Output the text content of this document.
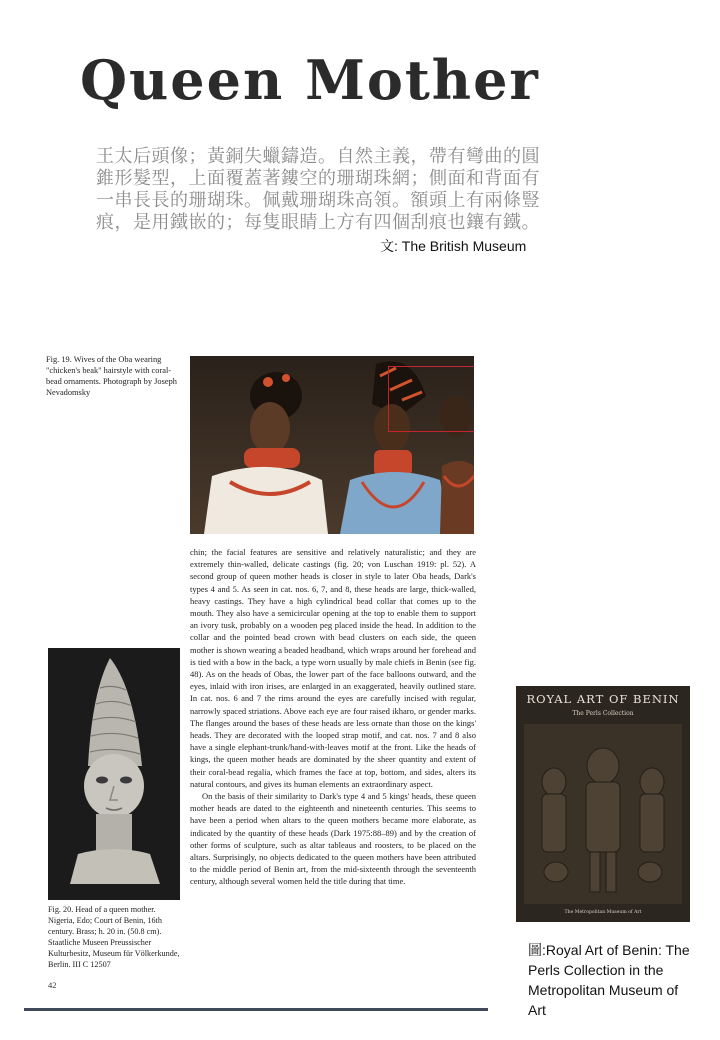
Queen Mother
王太后頭像；黃銅失蠟鑄造。自然主義，帶有彎曲的圓錐形髮型，上面覆蓋著鏤空的珊瑚珠網；側面和背面有一串長長的珊瑚珠。佩戴珊瑚珠高領。額頭上有兩條豎痕，是用鐵嵌的；每隻眼睛上方有四個刮痕也鑲有鐵。
文: The British Museum
Fig. 19. Wives of the Oba wearing "chicken's beak" hairstyle with coral-bead ornaments. Photograph by Joseph Nevadomsky

chin; the facial features are sensitive and relatively naturalistic; and they are extremely thin-walled, delicate castings (fig. 20; von Luschan 1919: pl. 52). A second group of queen mother heads is closer in style to later Oba heads, Dark's types 4 and 5. As seen in cat. nos. 6, 7, and 8, these heads are large, thick-walled, heavy castings. They have a high cylindrical bead collar that comes up to the mouth. They also have a semicircular opening at the top to enable them to support an ivory tusk, probably on a wooden peg placed inside the head. In addition to the collar and the pointed bead crown with bead clusters on each side, the queen mother is shown wearing a beaded headband, which wraps around her forehead and is tied with a bow in the back, a type worn usually by male chiefs in Benin (see fig. 48). As on the heads of Obas, the lower part of the face balloons outward, and the eyes, inlaid with iron irises, are enlarged in an exaggerated, heavily outlined stare. In cat. nos. 6 and 7 the rims around the eyes are carefully incised with regular, narrowly spaced striations. Above each eye are four raised ikharo, or gender marks. The flanges around the bases of these heads are less ornate than those on the kings' heads. They are decorated with the looped strap motif, and cat. nos. 7 and 8 also have a single elephant-trunk/hand-with-leaves motif at the front. Like the heads of kings, the queen mother heads are dominated by the sheer quantity and extent of their coral-bead regalia, which frames the face at top, bottom, and sides, alters its natural contours, and gives its human elements an extraordinary aspect.

On the basis of their similarity to Dark's type 4 and 5 kings' heads, these queen mother heads are dated to the eighteenth and nineteenth centuries. This seems to have been a period when altars to the queen mothers became more elaborate, as indicated by the quantity of these heads (Dark 1975:88–89) and by the creation of other forms of sculpture, such as altar tableaus and roosters, to be placed on the altars. Surprisingly, no objects dedicated to the queen mothers have been attributed to the middle period of Benin art, from the mid-sixteenth through the seventeenth century, although several women held the title during that time.

Fig. 20. Head of a queen mother. Nigeria, Edo; Court of Benin, 16th century. Brass; h. 20 in. (50.8 cm). Staatliche Museen Preussischer Kulturbesitz, Museum für Völkerkunde, Berlin. III C 12507
42
ROYAL ART OF BENIN
The Perls Collection
The Metropolitan Museum of Art
圖:Royal Art of Benin: The Perls Collection in the Metropolitan Museum of Art
